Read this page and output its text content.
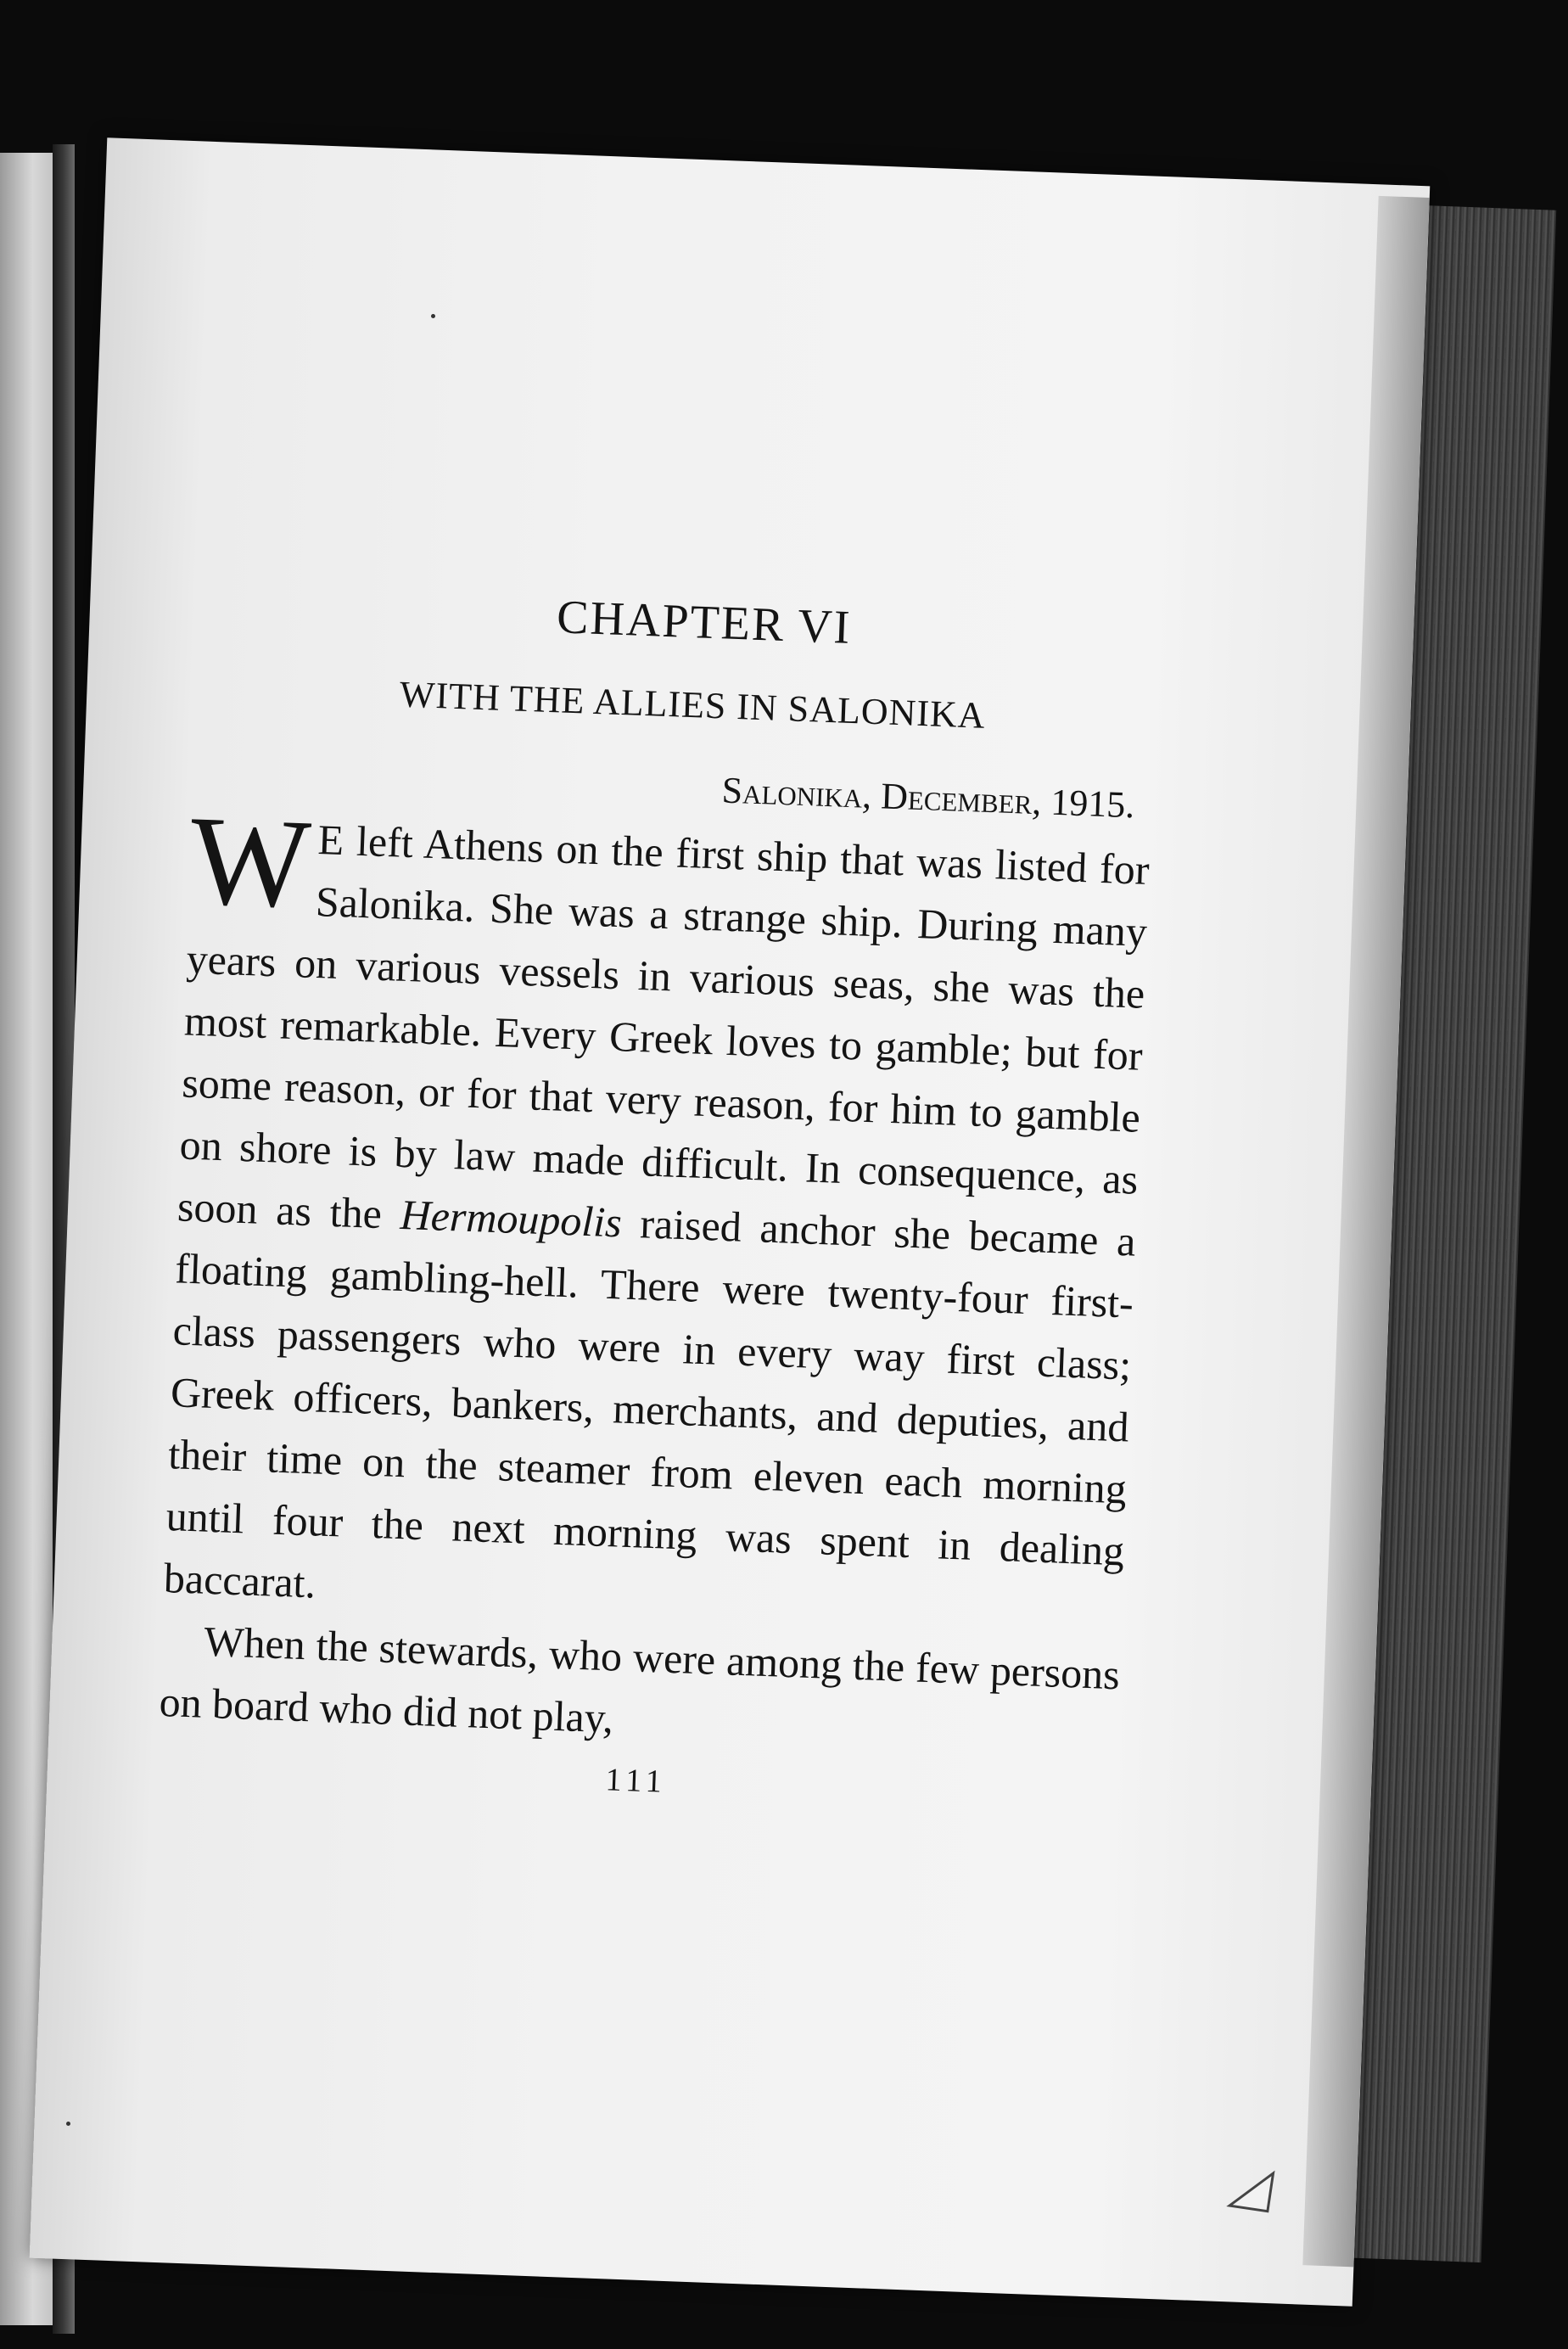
CHAPTER VI
WITH THE ALLIES IN SALONIKA

Salonika, December, 1915.

W E left Athens on the first ship that was listed for Salonika. She was a strange ship. During many years on various vessels in various seas, she was the most remarkable. Every Greek loves to gamble; but for some reason, or for that very reason, for him to gamble on shore is by law made difficult. In consequence, as soon as the Hermoupolis raised anchor she became a floating gambling-hell. There were twenty-four first-class passengers who were in every way first class; Greek officers, bankers, merchants, and deputies, and their time on the steamer from eleven each morning until four the next morning was spent in dealing baccarat.

When the stewards, who were among the few persons on board who did not play,

111
